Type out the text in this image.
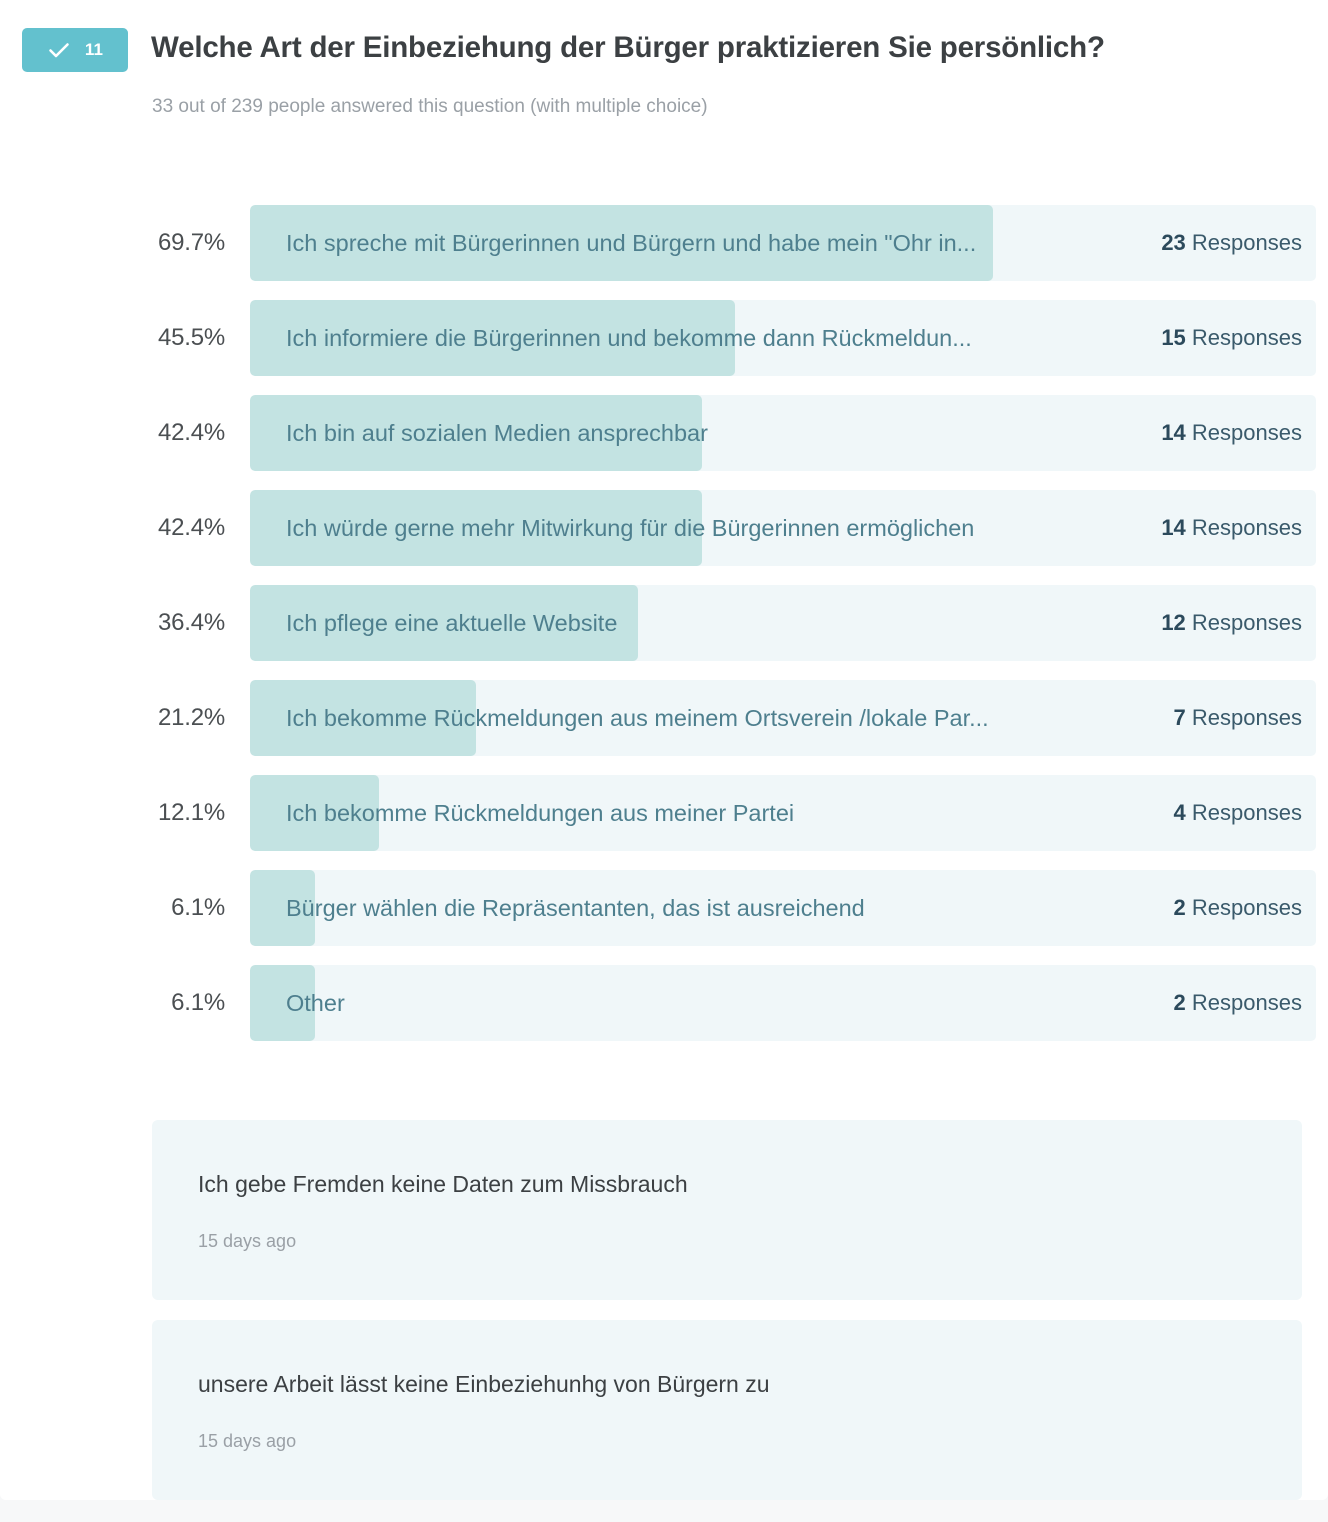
11 Welche Art der Einbeziehung der Bürger praktizieren Sie persönlich?
33 out of 239 people answered this question (with multiple choice)
69.7%	Ich spreche mit Bürgerinnen und Bürgern und habe mein "Ohr in...	23 Responses
45.5%	Ich informiere die Bürgerinnen und bekomme dann Rückmeldun...	15 Responses
42.4%	Ich bin auf sozialen Medien ansprechbar	14 Responses
42.4%	Ich würde gerne mehr Mitwirkung für die Bürgerinnen ermöglichen	14 Responses
36.4%	Ich pflege eine aktuelle Website	12 Responses
21.2%	Ich bekomme Rückmeldungen aus meinem Ortsverein /lokale Par...	7 Responses
12.1%	Ich bekomme Rückmeldungen aus meiner Partei	4 Responses
6.1%	Bürger wählen die Repräsentanten, das ist ausreichend	2 Responses
6.1%	Other	2 Responses
Ich gebe Fremden keine Daten zum Missbrauch
15 days ago
unsere Arbeit lässt keine Einbeziehunhg von Bürgern zu
15 days ago
